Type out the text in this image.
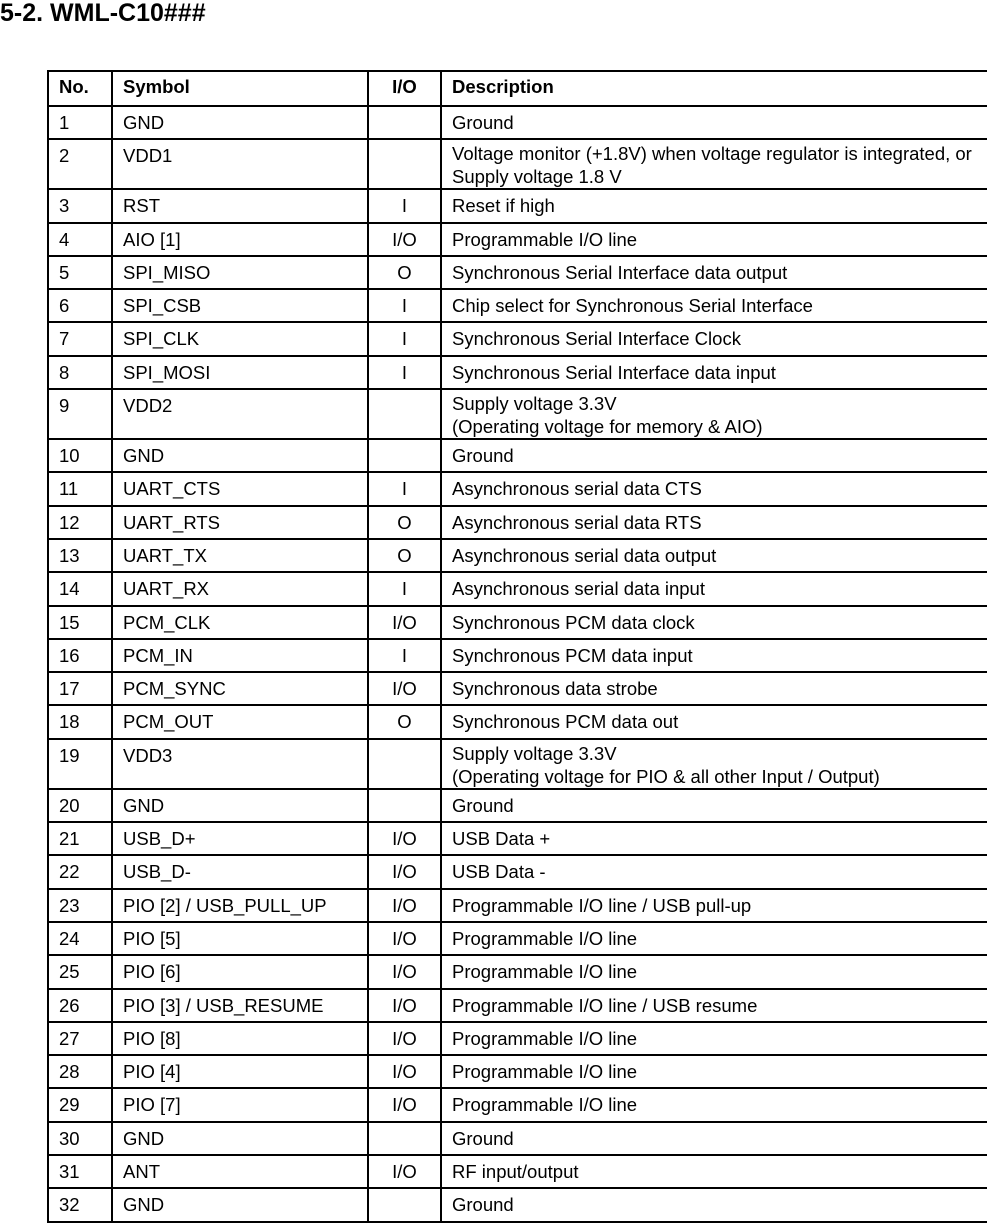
5-2. WML-C10###
No.	Symbol	I/O	Description
1	GND		Ground

2	VDD1		Voltage monitor (+1.8V) when voltage regulator is integrated, or Supply voltage 1.8 V

3	RST	I	Reset if high

4	AIO [1]	I/O	Programmable I/O line

5	SPI_MISO	O	Synchronous Serial Interface data output

6	SPI_CSB	I	Chip select for Synchronous Serial Interface

7	SPI_CLK	I	Synchronous Serial Interface Clock

8	SPI_MOSI	I	Synchronous Serial Interface data input

9	VDD2		Supply voltage 3.3V
(Operating voltage for memory & AIO)

10	GND		Ground

11	UART_CTS	I	Asynchronous serial data CTS

12	UART_RTS	O	Asynchronous serial data RTS

13	UART_TX	O	Asynchronous serial data output

14	UART_RX	I	Asynchronous serial data input

15	PCM_CLK	I/O	Synchronous PCM data clock

16	PCM_IN	I	Synchronous PCM data input

17	PCM_SYNC	I/O	Synchronous data strobe

18	PCM_OUT	O	Synchronous PCM data out

19	VDD3		Supply voltage 3.3V
(Operating voltage for PIO & all other Input / Output)

20	GND		Ground

21	USB_D+	I/O	USB Data +

22	USB_D-	I/O	USB Data -

23	PIO [2] / USB_PULL_UP	I/O	Programmable I/O line / USB pull-up

24	PIO [5]	I/O	Programmable I/O line

25	PIO [6]	I/O	Programmable I/O line

26	PIO [3] / USB_RESUME	I/O	Programmable I/O line / USB resume

27	PIO [8]	I/O	Programmable I/O line

28	PIO [4]	I/O	Programmable I/O line

29	PIO [7]	I/O	Programmable I/O line

30	GND		Ground

31	ANT	I/O	RF input/output

32	GND		Ground
